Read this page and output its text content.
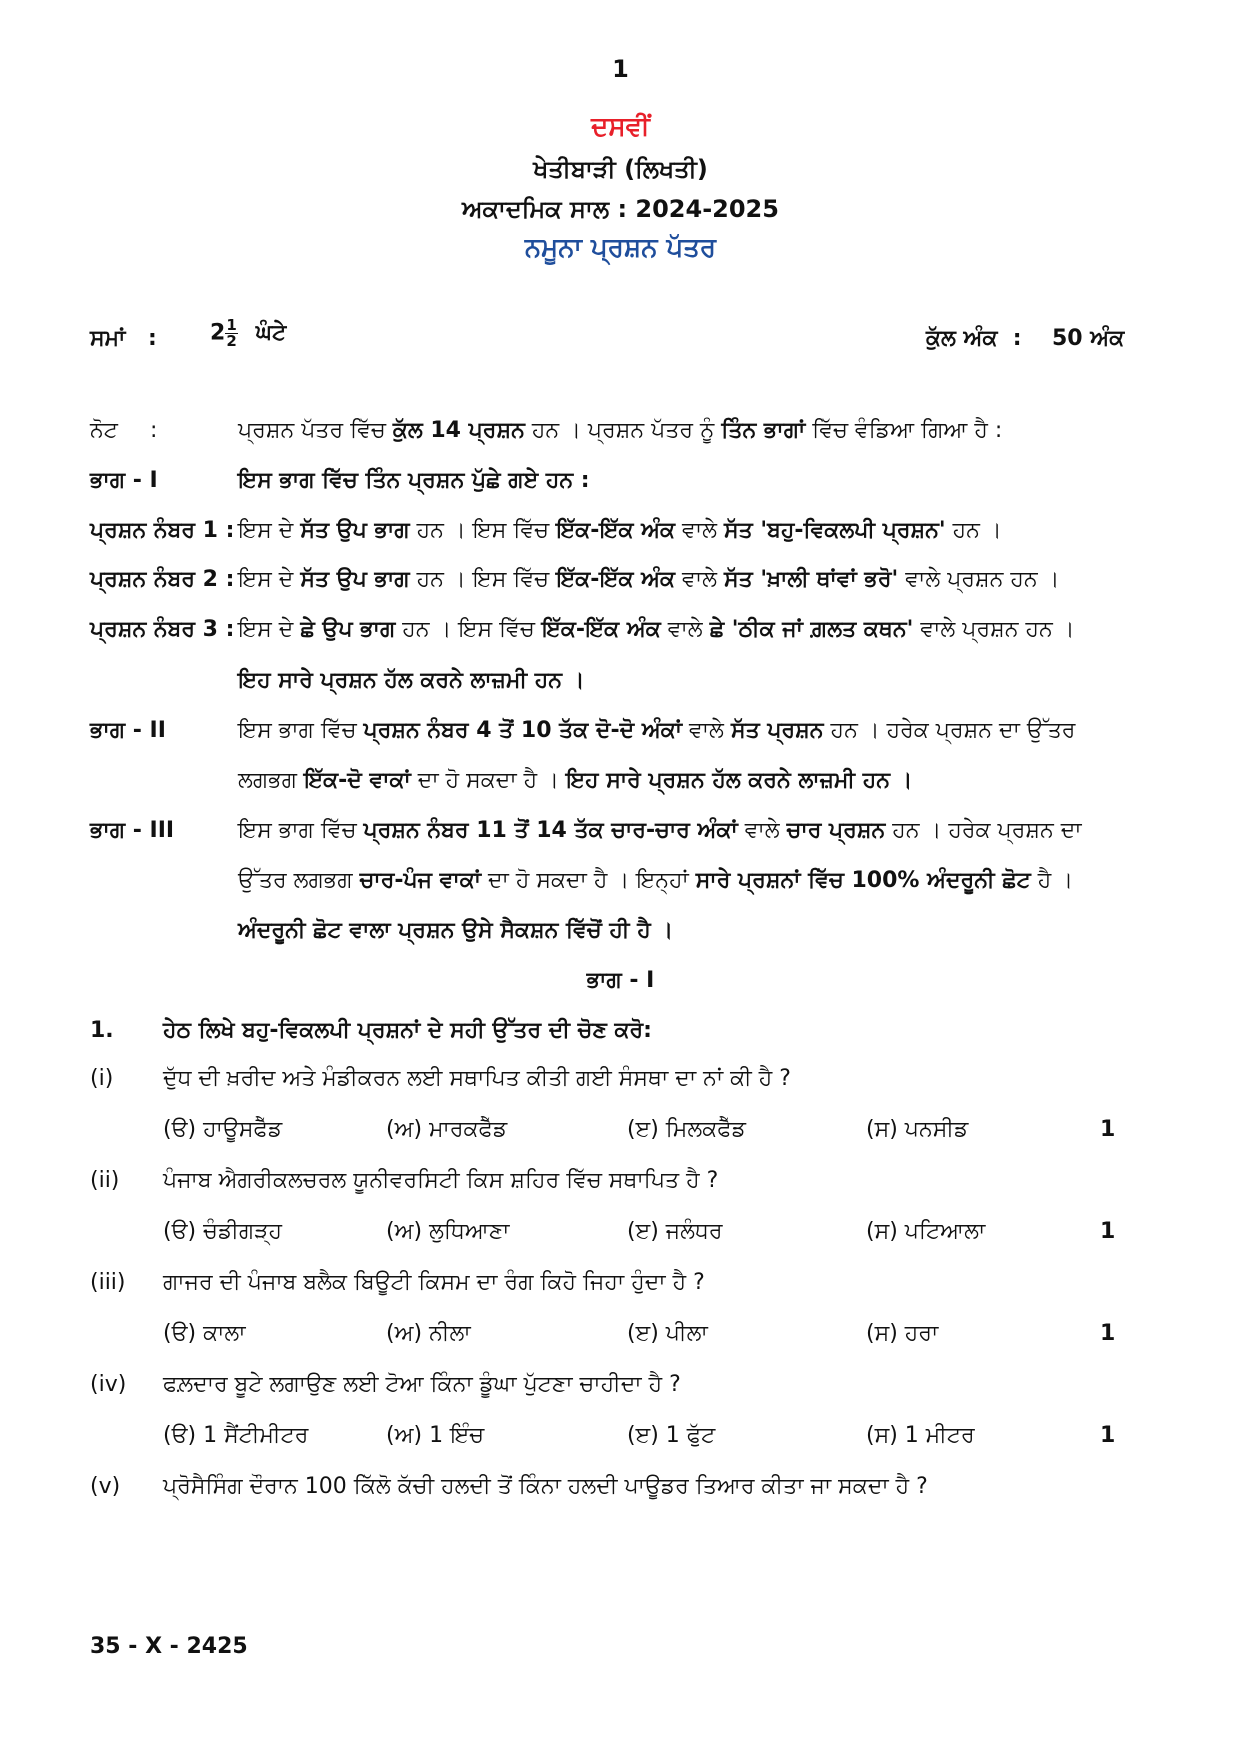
1
ਦਸਵੀਂ
ਖੇਤੀਬਾੜੀ (ਲਿਖਤੀ)
ਅਕਾਦਮਿਕ ਸਾਲ : 2024-2025
ਨਮੂਨਾ ਪ੍ਰਸ਼ਨ ਪੱਤਰ
ਸਮਾਂ : $2 \frac{1}{2}$ ਘੰਟੇ	ਕੁੱਲ ਅੰਕ : 50 ਅੰਕ
ਨੋਟ :	ਪ੍ਰਸ਼ਨ ਪੱਤਰ ਵਿੱਚ ਕੁੱਲ 14 ਪ੍ਰਸ਼ਨ ਹਨ । ਪ੍ਰਸ਼ਨ ਪੱਤਰ ਨੂੰ ਤਿੰਨ ਭਾਗਾਂ ਵਿੱਚ ਵੰਡਿਆ ਗਿਆ ਹੈ :
ਭਾਗ - I	ਇਸ ਭਾਗ ਵਿੱਚ ਤਿੰਨ ਪ੍ਰਸ਼ਨ ਪੁੱਛੇ ਗਏ ਹਨ :
ਪ੍ਰਸ਼ਨ ਨੰਬਰ 1 : ਇਸ ਦੇ ਸੱਤ ਉਪ ਭਾਗ ਹਨ । ਇਸ ਵਿੱਚ ਇੱਕ-ਇੱਕ ਅੰਕ ਵਾਲੇ ਸੱਤ 'ਬਹੁ-ਵਿਕਲਪੀ ਪ੍ਰਸ਼ਨ' ਹਨ ।
ਪ੍ਰਸ਼ਨ ਨੰਬਰ 2 : ਇਸ ਦੇ ਸੱਤ ਉਪ ਭਾਗ ਹਨ । ਇਸ ਵਿੱਚ ਇੱਕ-ਇੱਕ ਅੰਕ ਵਾਲੇ ਸੱਤ 'ਖ਼ਾਲੀ ਥਾਂਵਾਂ ਭਰੋ' ਵਾਲੇ ਪ੍ਰਸ਼ਨ ਹਨ ।
ਪ੍ਰਸ਼ਨ ਨੰਬਰ 3 : ਇਸ ਦੇ ਛੇ ਉਪ ਭਾਗ ਹਨ । ਇਸ ਵਿੱਚ ਇੱਕ-ਇੱਕ ਅੰਕ ਵਾਲੇ ਛੇ 'ਠੀਕ ਜਾਂ ਗ਼ਲਤ ਕਥਨ' ਵਾਲੇ ਪ੍ਰਸ਼ਨ ਹਨ ।
ਇਹ ਸਾਰੇ ਪ੍ਰਸ਼ਨ ਹੱਲ ਕਰਨੇ ਲਾਜ਼ਮੀ ਹਨ ।
ਭਾਗ - II	ਇਸ ਭਾਗ ਵਿੱਚ ਪ੍ਰਸ਼ਨ ਨੰਬਰ 4 ਤੋਂ 10 ਤੱਕ ਦੋ-ਦੋ ਅੰਕਾਂ ਵਾਲੇ ਸੱਤ ਪ੍ਰਸ਼ਨ ਹਨ । ਹਰੇਕ ਪ੍ਰਸ਼ਨ ਦਾ ਉੱਤਰ
ਲਗਭਗ ਇੱਕ-ਦੋ ਵਾਕਾਂ ਦਾ ਹੋ ਸਕਦਾ ਹੈ । ਇਹ ਸਾਰੇ ਪ੍ਰਸ਼ਨ ਹੱਲ ਕਰਨੇ ਲਾਜ਼ਮੀ ਹਨ ।
ਭਾਗ - III	ਇਸ ਭਾਗ ਵਿੱਚ ਪ੍ਰਸ਼ਨ ਨੰਬਰ 11 ਤੋਂ 14 ਤੱਕ ਚਾਰ-ਚਾਰ ਅੰਕਾਂ ਵਾਲੇ ਚਾਰ ਪ੍ਰਸ਼ਨ ਹਨ । ਹਰੇਕ ਪ੍ਰਸ਼ਨ ਦਾ
ਉੱਤਰ ਲਗਭਗ ਚਾਰ-ਪੰਜ ਵਾਕਾਂ ਦਾ ਹੋ ਸਕਦਾ ਹੈ । ਇਨ੍ਹਾਂ ਸਾਰੇ ਪ੍ਰਸ਼ਨਾਂ ਵਿੱਚ 100% ਅੰਦਰੂਨੀ ਛੋਟ ਹੈ ।
ਅੰਦਰੂਨੀ ਛੋਟ ਵਾਲਾ ਪ੍ਰਸ਼ਨ ਉਸੇ ਸੈਕਸ਼ਨ ਵਿੱਚੋਂ ਹੀ ਹੈ ।
ਭਾਗ - I
1. ਹੇਠ ਲਿਖੇ ਬਹੁ-ਵਿਕਲਪੀ ਪ੍ਰਸ਼ਨਾਂ ਦੇ ਸਹੀ ਉੱਤਰ ਦੀ ਚੋਣ ਕਰੋ:
(i) ਦੁੱਧ ਦੀ ਖ਼ਰੀਦ ਅਤੇ ਮੰਡੀਕਰਨ ਲਈ ਸਥਾਪਿਤ ਕੀਤੀ ਗਈ ਸੰਸਥਾ ਦਾ ਨਾਂ ਕੀ ਹੈ ?
(ੳ) ਹਾਊਸਫੈੱਡ	(ਅ) ਮਾਰਕਫੈੱਡ	(ੲ) ਮਿਲਕਫੈੱਡ	(ਸ) ਪਨਸੀਡ	1
(ii) ਪੰਜਾਬ ਐਗਰੀਕਲਚਰਲ ਯੂਨੀਵਰਸਿਟੀ ਕਿਸ ਸ਼ਹਿਰ ਵਿੱਚ ਸਥਾਪਿਤ ਹੈ ?
(ੳ) ਚੰਡੀਗੜ੍ਹ	(ਅ) ਲੁਧਿਆਣਾ	(ੲ) ਜਲੰਧਰ	(ਸ) ਪਟਿਆਲਾ	1
(iii) ਗਾਜਰ ਦੀ ਪੰਜਾਬ ਬਲੈਕ ਬਿਊਟੀ ਕਿਸਮ ਦਾ ਰੰਗ ਕਿਹੋ ਜਿਹਾ ਹੁੰਦਾ ਹੈ ?
(ੳ) ਕਾਲਾ	(ਅ) ਨੀਲਾ	(ੲ) ਪੀਲਾ	(ਸ) ਹਰਾ	1
(iv) ਫਲ਼ਦਾਰ ਬੂਟੇ ਲਗਾਉਣ ਲਈ ਟੋਆ ਕਿੰਨਾ ਡੂੰਘਾ ਪੁੱਟਣਾ ਚਾਹੀਦਾ ਹੈ ?
(ੳ) 1 ਸੈਂਟੀਮੀਟਰ	(ਅ) 1 ਇੰਚ	(ੲ) 1 ਫੁੱਟ	(ਸ) 1 ਮੀਟਰ	1
(v) ਪ੍ਰੋਸੈਸਿੰਗ ਦੌਰਾਨ 100 ਕਿੱਲੋ ਕੱਚੀ ਹਲਦੀ ਤੋਂ ਕਿੰਨਾ ਹਲਦੀ ਪਾਊਡਰ ਤਿਆਰ ਕੀਤਾ ਜਾ ਸਕਦਾ ਹੈ ?
35 - X - 2425
